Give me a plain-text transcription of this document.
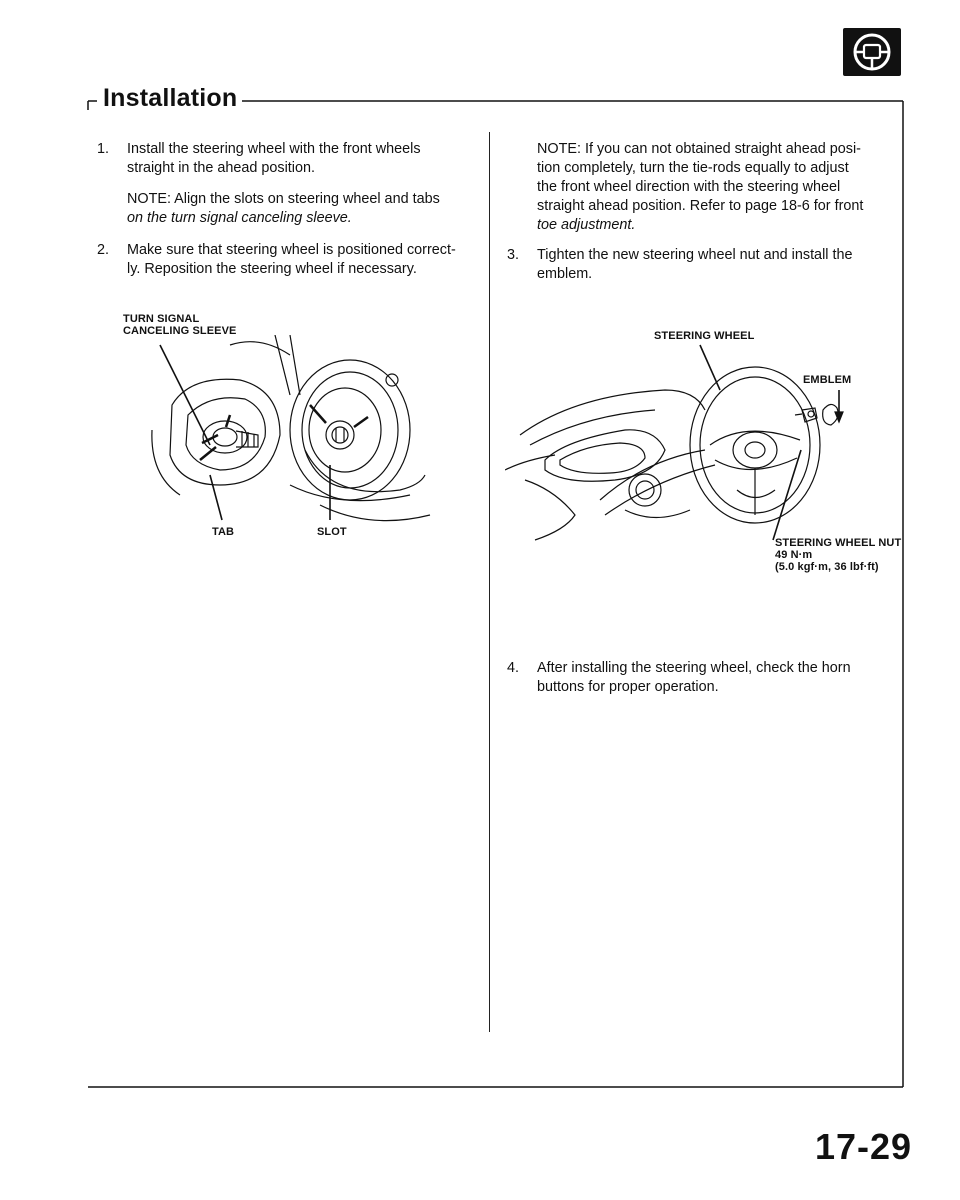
Installation
1. Install the steering wheel with the front wheels
straight in the ahead position.
NOTE: Align the slots on steering wheel and tabs
on the turn signal canceling sleeve.
2. Make sure that steering wheel is positioned correct-
ly. Reposition the steering wheel if necessary.
TURN SIGNAL
CANCELING SLEEVE
TAB	SLOT
NOTE: If you can not obtained straight ahead posi-
tion completely, turn the tie-rods equally to adjust
the front wheel direction with the steering wheel
straight ahead position. Refer to page 18-6 for front
toe adjustment.
3. Tighten the new steering wheel nut and install the
emblem.
STEERING WHEEL
EMBLEM
STEERING WHEEL NUT
49 N·m
(5.0 kgf·m, 36 lbf·ft)
4. After installing the steering wheel, check the horn
buttons for proper operation.
17-29
